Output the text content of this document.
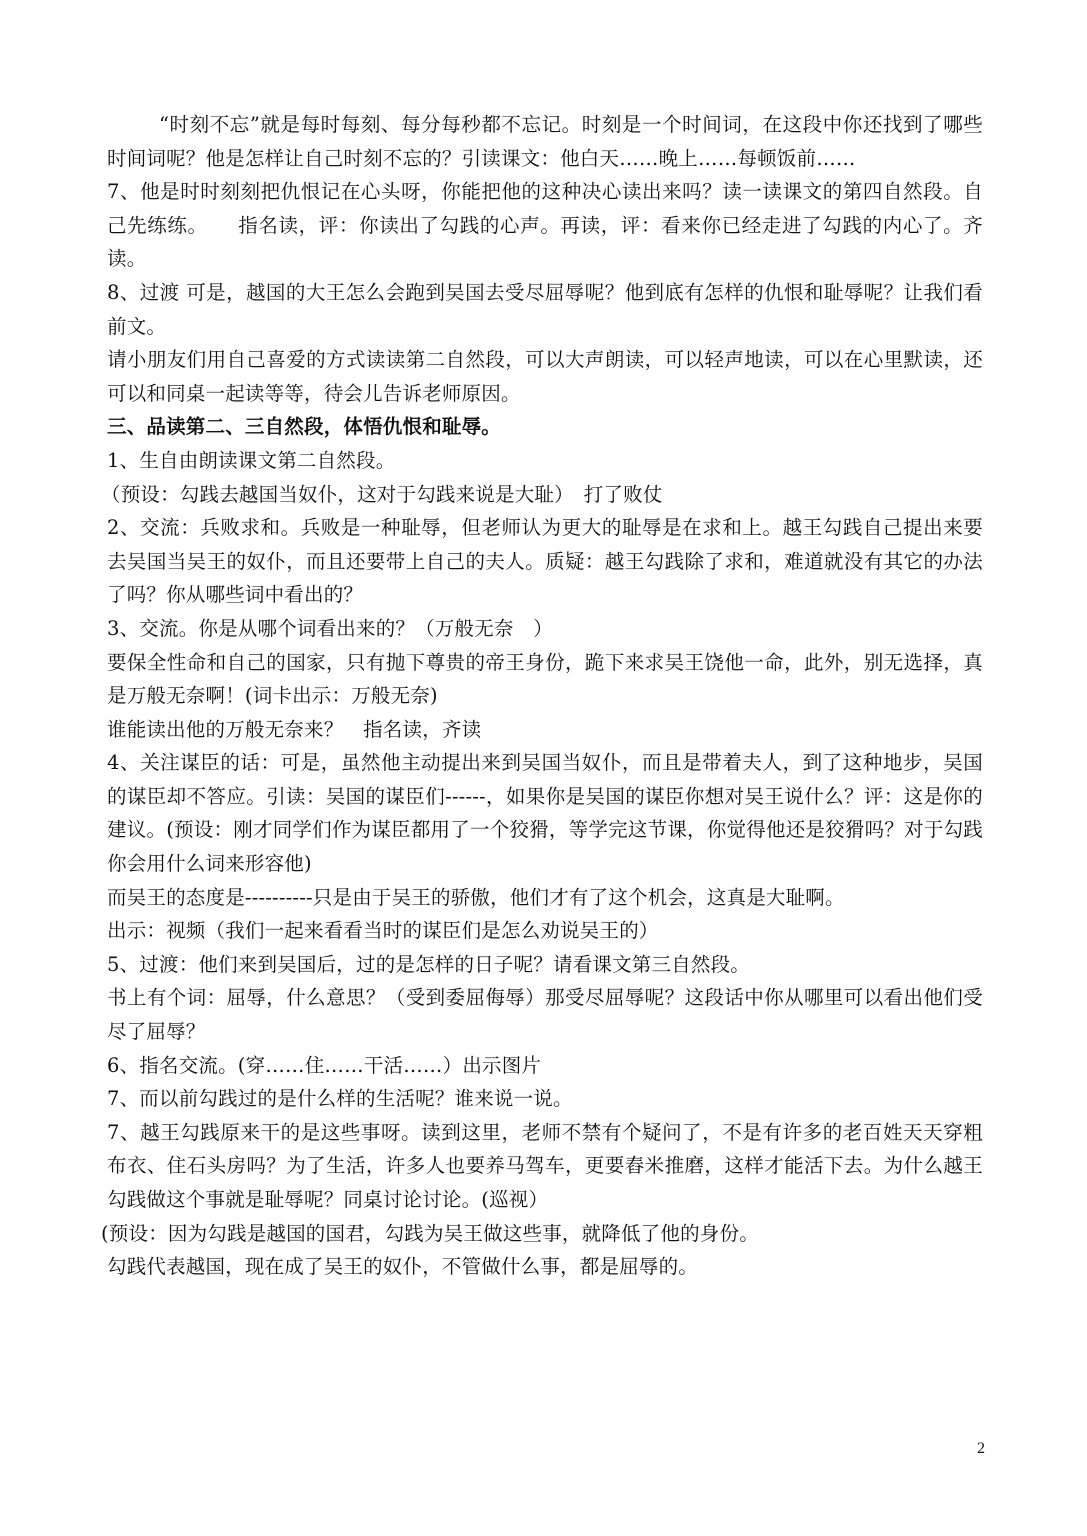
“时刻不忘”就是每时每刻、每分每秒都不忘记。时刻是一个时间词，在这段中你还找到了哪些时间词呢？他是怎样让自己时刻不忘的？引读课文：他白天……晚上……每顿饭前……

7、他是时时刻刻把仇恨记在心头呀，你能把他的这种决心读出来吗？读一读课文的第四自然段。自己先练练。　　指名读，评：你读出了勾践的心声。再读，评：看来你已经走进了勾践的内心了。齐读。

8、过渡 可是，越国的大王怎么会跑到吴国去受尽屈辱呢？他到底有怎样的仇恨和耻辱呢？让我们看前文。

请小朋友们用自己喜爱的方式读读第二自然段，可以大声朗读，可以轻声地读，可以在心里默读，还可以和同桌一起读等等，待会儿告诉老师原因。

三、品读第二、三自然段，体悟仇恨和耻辱。

1、生自由朗读课文第二自然段。

（预设：勾践去越国当奴仆，这对于勾践来说是大耻）　打了败仗

2、交流：兵败求和。兵败是一种耻辱，但老师认为更大的耻辱是在求和上。越王勾践自己提出来要去吴国当吴王的奴仆，而且还要带上自己的夫人。质疑：越王勾践除了求和，难道就没有其它的办法了吗？你从哪些词中看出的？

3、交流。你是从哪个词看出来的？（万般无奈　）

要保全性命和自己的国家，只有抛下尊贵的帝王身份，跪下来求吴王饶他一命，此外，别无选择，真是万般无奈啊！(词卡出示：万般无奈)

谁能读出他的万般无奈来？　指名读，齐读

4、关注谋臣的话：可是，虽然他主动提出来到吴国当奴仆，而且是带着夫人，到了这种地步，吴国的谋臣却不答应。引读：吴国的谋臣们------，如果你是吴国的谋臣你想对吴王说什么？评：这是你的建议。(预设：刚才同学们作为谋臣都用了一个狡猾，等学完这节课，你觉得他还是狡猾吗？对于勾践你会用什么词来形容他)

而吴王的态度是----------只是由于吴王的骄傲，他们才有了这个机会，这真是大耻啊。

出示：视频（我们一起来看看当时的谋臣们是怎么劝说吴王的）

5、过渡：他们来到吴国后，过的是怎样的日子呢？请看课文第三自然段。

书上有个词：屈辱，什么意思？（受到委屈侮辱）那受尽屈辱呢？这段话中你从哪里可以看出他们受尽了屈辱？

6、指名交流。(穿……住……干活……）出示图片

7、而以前勾践过的是什么样的生活呢？谁来说一说。

7、越王勾践原来干的是这些事呀。读到这里，老师不禁有个疑问了，不是有许多的老百姓天天穿粗布衣、住石头房吗？为了生活，许多人也要养马驾车，更要舂米推磨，这样才能活下去。为什么越王勾践做这个事就是耻辱呢？同桌讨论讨论。(巡视）

(预设：因为勾践是越国的国君，勾践为吴王做这些事，就降低了他的身份。

勾践代表越国，现在成了吴王的奴仆，不管做什么事，都是屈辱的。

2
